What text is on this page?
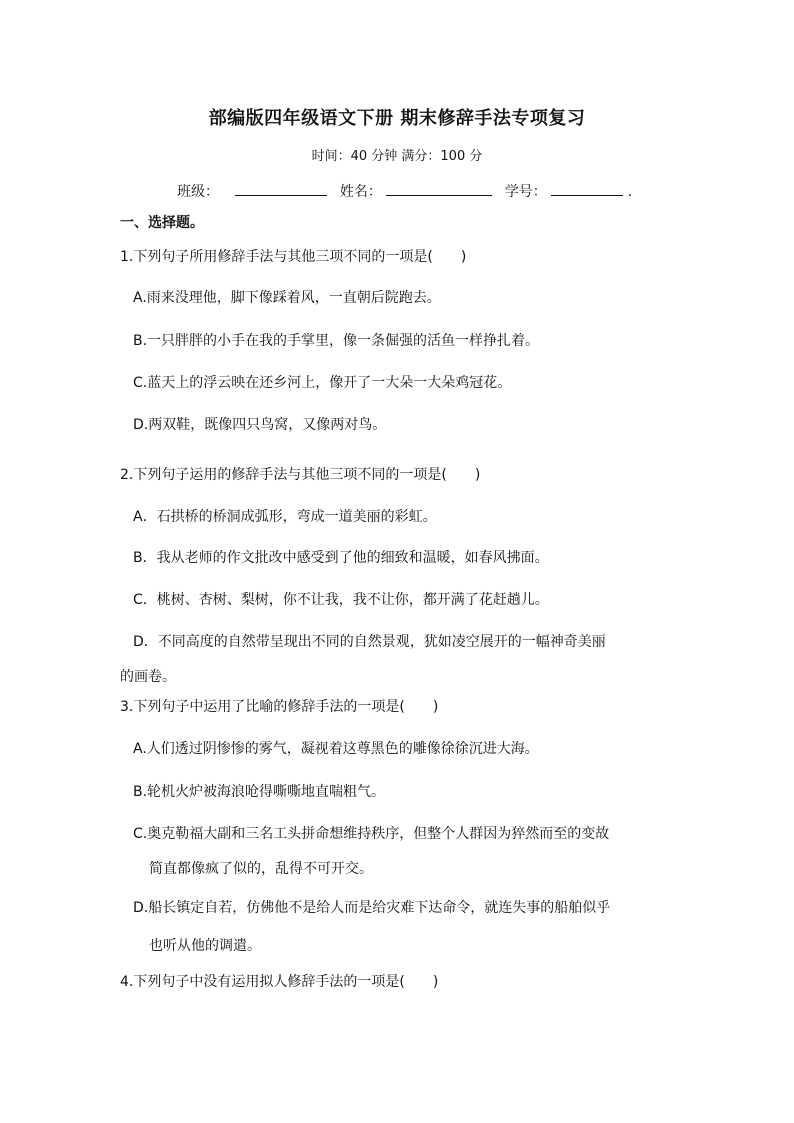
部编版四年级语文下册 期末修辞手法专项复习
时间：40 分钟 满分：100 分
班级：	姓名：	学号：	.
一、选择题。
1.下列句子所用修辞手法与其他三项不同的一项是(　　)
A.雨来没理他，脚下像踩着风，一直朝后院跑去。
B.一只胖胖的小手在我的手掌里，像一条倔强的活鱼一样挣扎着。
C.蓝天上的浮云映在还乡河上，像开了一大朵一大朵鸡冠花。
D.两双鞋，既像四只鸟窝，又像两对鸟。
2.下列句子运用的修辞手法与其他三项不同的一项是(　　)
A．石拱桥的桥洞成弧形，弯成一道美丽的彩虹。
B．我从老师的作文批改中感受到了他的细致和温暖，如春风拂面。
C．桃树、杏树、梨树，你不让我，我不让你，都开满了花赶趟儿。
D．不同高度的自然带呈现出不同的自然景观，犹如凌空展开的一幅神奇美丽
的画卷。
3.下列句子中运用了比喻的修辞手法的一项是(　　)
A.人们透过阴惨惨的雾气，凝视着这尊黑色的雕像徐徐沉进大海。
B.轮机火炉被海浪呛得嘶嘶地直喘粗气。
C.奥克勒福大副和三名工头拼命想维持秩序，但整个人群因为猝然而至的变故
简直都像疯了似的，乱得不可开交。
D.船长镇定自若，仿佛他不是给人而是给灾难下达命令，就连失事的船舶似乎
也听从他的调遣。
4.下列句子中没有运用拟人修辞手法的一项是(　　)
